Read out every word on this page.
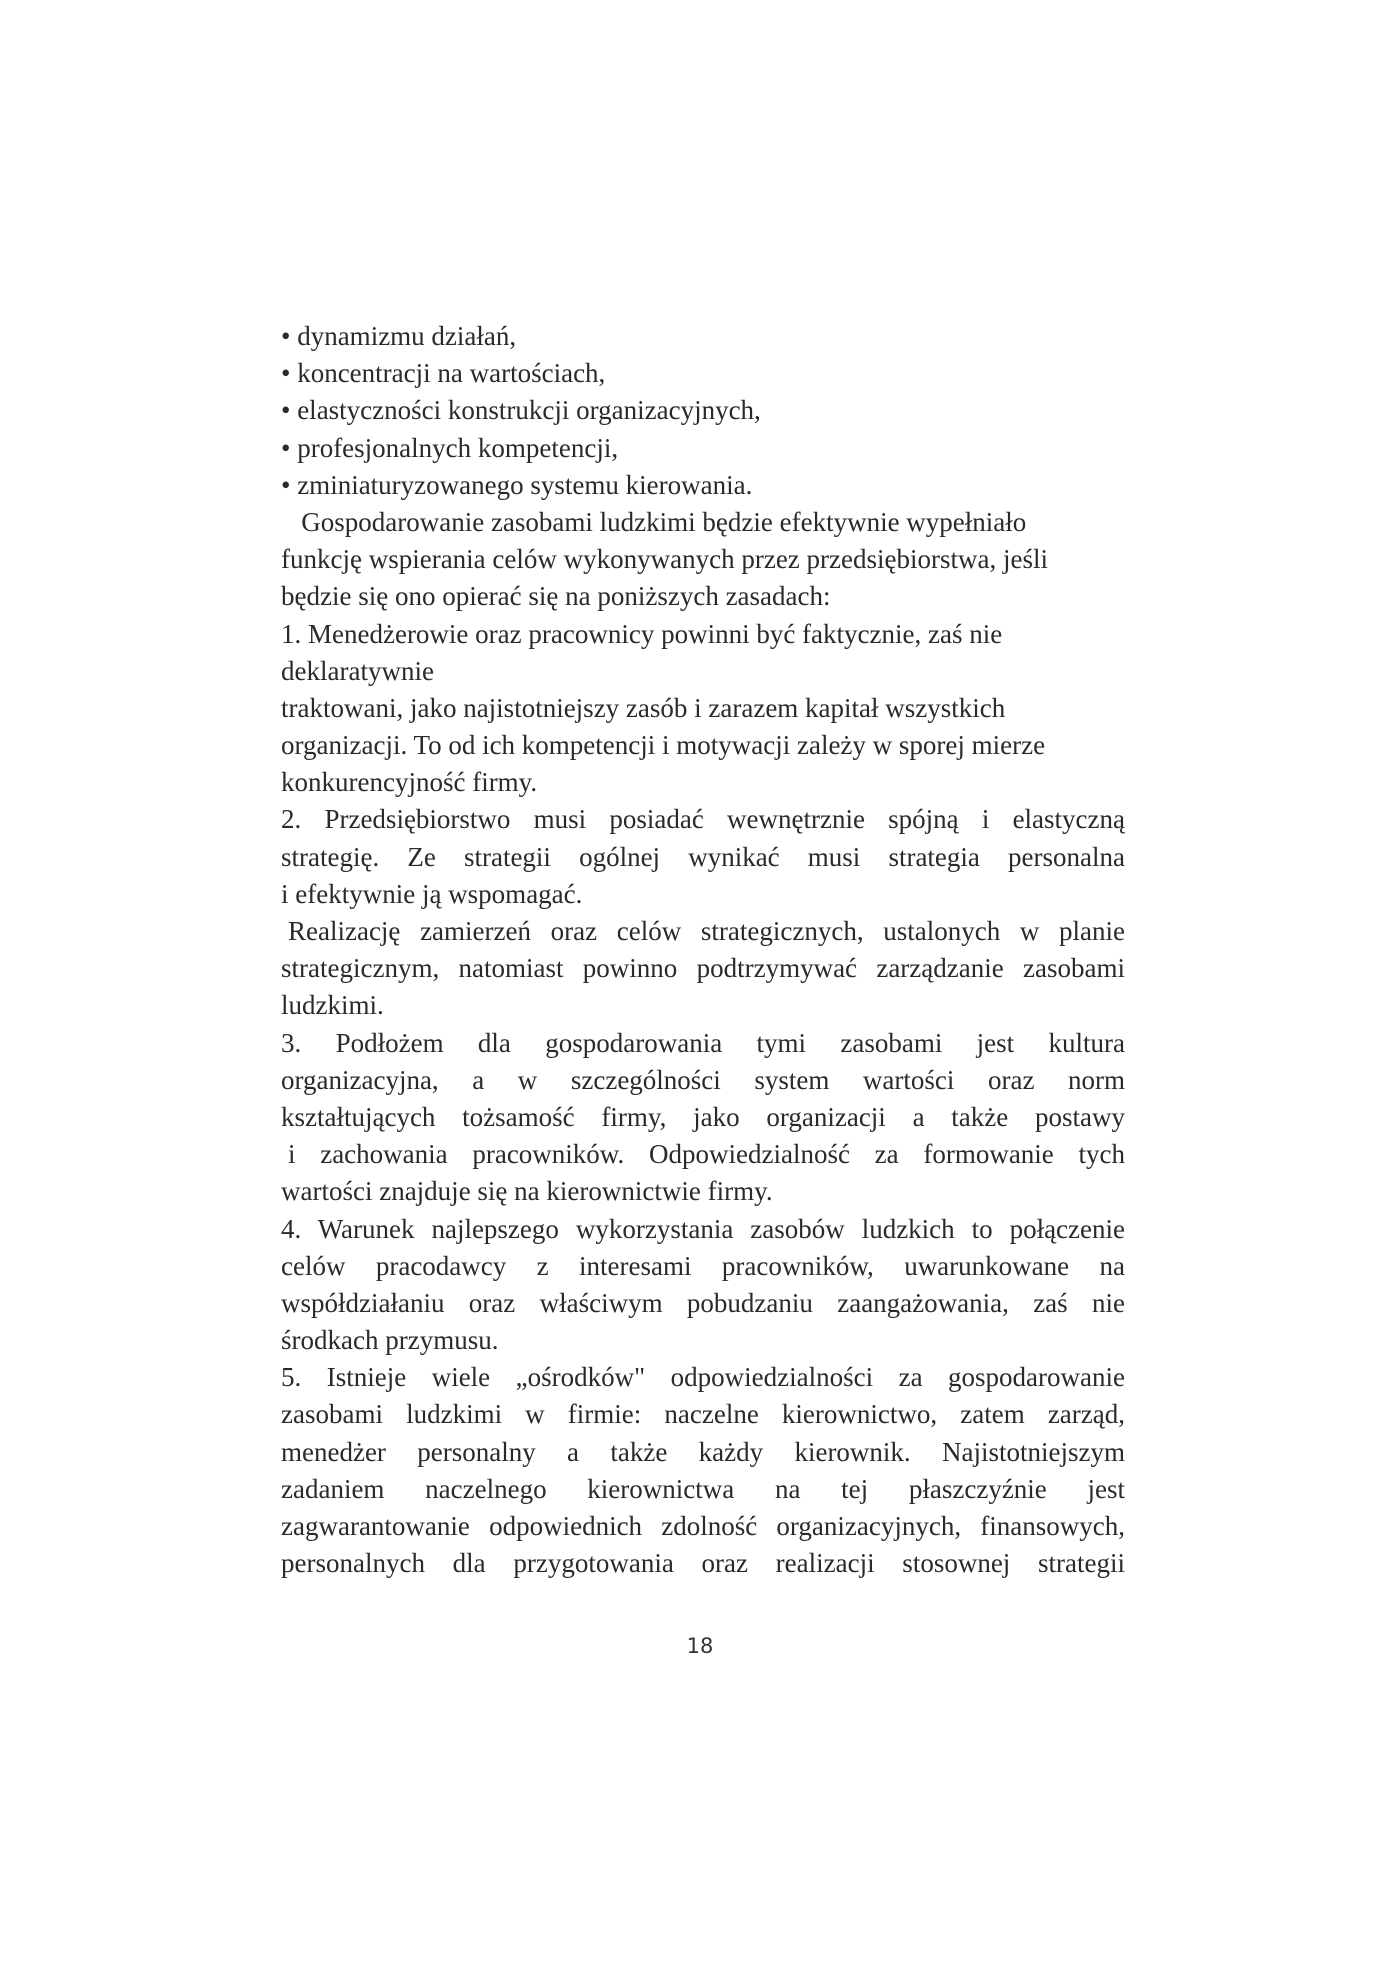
• dynamizmu działań,
• koncentracji na wartościach,
• elastyczności konstrukcji organizacyjnych,
• profesjonalnych kompetencji,
• zminiaturyzowanego systemu kierowania.
Gospodarowanie zasobami ludzkimi będzie efektywnie wypełniało
funkcję wspierania celów wykonywanych przez przedsiębiorstwa, jeśli
będzie się ono opierać się na poniższych zasadach:
1. Menedżerowie oraz pracownicy powinni być faktycznie, zaś nie
deklaratywnie
traktowani, jako najistotniejszy zasób i zarazem kapitał wszystkich
organizacji. To od ich kompetencji i motywacji zależy w sporej mierze
konkurencyjność firmy.
2. Przedsiębiorstwo musi posiadać wewnętrznie spójną i elastyczną
strategię. Ze strategii ogólnej wynikać musi strategia personalna
i efektywnie ją wspomagać.
Realizację zamierzeń oraz celów strategicznych, ustalonych w planie
strategicznym, natomiast powinno podtrzymywać zarządzanie zasobami
ludzkimi.
3. Podłożem dla gospodarowania tymi zasobami jest kultura
organizacyjna, a w szczególności system wartości oraz norm
kształtujących tożsamość firmy, jako organizacji a także postawy
i zachowania pracowników. Odpowiedzialność za formowanie tych
wartości znajduje się na kierownictwie firmy.
4. Warunek najlepszego wykorzystania zasobów ludzkich to połączenie
celów pracodawcy z interesami pracowników, uwarunkowane na
współdziałaniu oraz właściwym pobudzaniu zaangażowania, zaś nie
środkach przymusu.
5. Istnieje wiele „ośrodków" odpowiedzialności za gospodarowanie
zasobami ludzkimi w firmie: naczelne kierownictwo, zatem zarząd,
menedżer personalny a także każdy kierownik. Najistotniejszym
zadaniem naczelnego kierownictwa na tej płaszczyźnie jest
zagwarantowanie odpowiednich zdolność organizacyjnych, finansowych,
personalnych dla przygotowania oraz realizacji stosownej strategii
18
